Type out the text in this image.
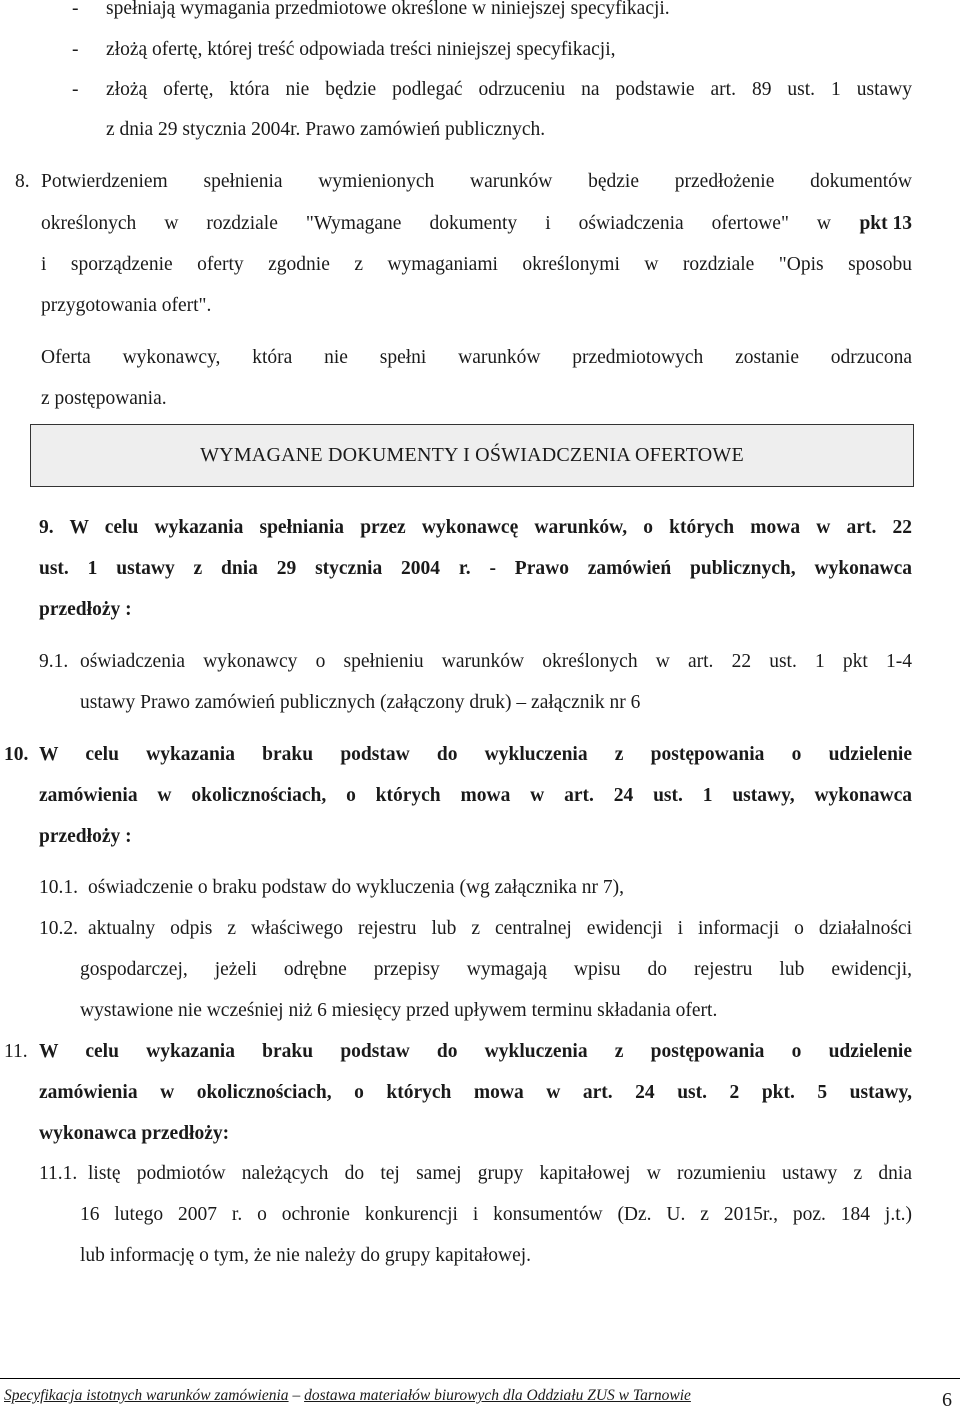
- spełniają wymagania przedmiotowe określone w niniejszej specyfikacji.
- złożą ofertę, której treść odpowiada treści niniejszej specyfikacji,
- złożą ofertę, która nie będzie podlegać odrzuceniu na podstawie art. 89 ust. 1 ustawy
z dnia 29 stycznia 2004r. Prawo zamówień publicznych.
8. Potwierdzeniem spełnienia wymienionych warunków będzie przedłożenie dokumentów
określonych w rozdziale "Wymagane dokumenty i oświadczenia ofertowe" w pkt 13
i sporządzenie oferty zgodnie z wymaganiami określonymi w rozdziale "Opis sposobu
przygotowania ofert".
Oferta wykonawcy, która nie spełni warunków przedmiotowych zostanie odrzucona
z postępowania.
WYMAGANE DOKUMENTY I OŚWIADCZENIA OFERTOWE
9. W celu wykazania spełniania przez wykonawcę warunków, o których mowa w art. 22
ust. 1 ustawy z dnia 29 stycznia 2004 r. - Prawo zamówień publicznych, wykonawca
przedłoży :
9.1. oświadczenia wykonawcy o spełnieniu warunków określonych w art. 22 ust. 1 pkt 1-4
ustawy Prawo zamówień publicznych (załączony druk) – załącznik nr 6
10. W celu wykazania braku podstaw do wykluczenia z postępowania o udzielenie
zamówienia w okolicznościach, o których mowa w art. 24 ust. 1 ustawy, wykonawca
przedłoży :
10.1. oświadczenie o braku podstaw do wykluczenia (wg załącznika nr 7),
10.2. aktualny odpis z właściwego rejestru lub z centralnej ewidencji i informacji o działalności
gospodarczej, jeżeli odrębne przepisy wymagają wpisu do rejestru lub ewidencji,
wystawione nie wcześniej niż 6 miesięcy przed upływem terminu składania ofert.
11. W celu wykazania braku podstaw do wykluczenia z postępowania o udzielenie
zamówienia w okolicznościach, o których mowa w art. 24 ust. 2 pkt. 5 ustawy,
wykonawca przedłoży:
11.1. listę podmiotów należących do tej samej grupy kapitałowej w rozumieniu ustawy z dnia
16 lutego 2007 r. o ochronie konkurencji i konsumentów (Dz. U. z 2015r., poz. 184 j.t.)
lub informację o tym, że nie należy do grupy kapitałowej.
Specyfikacja istotnych warunków zamówienia – dostawa materiałów biurowych dla Oddziału ZUS w Tarnowie	6
